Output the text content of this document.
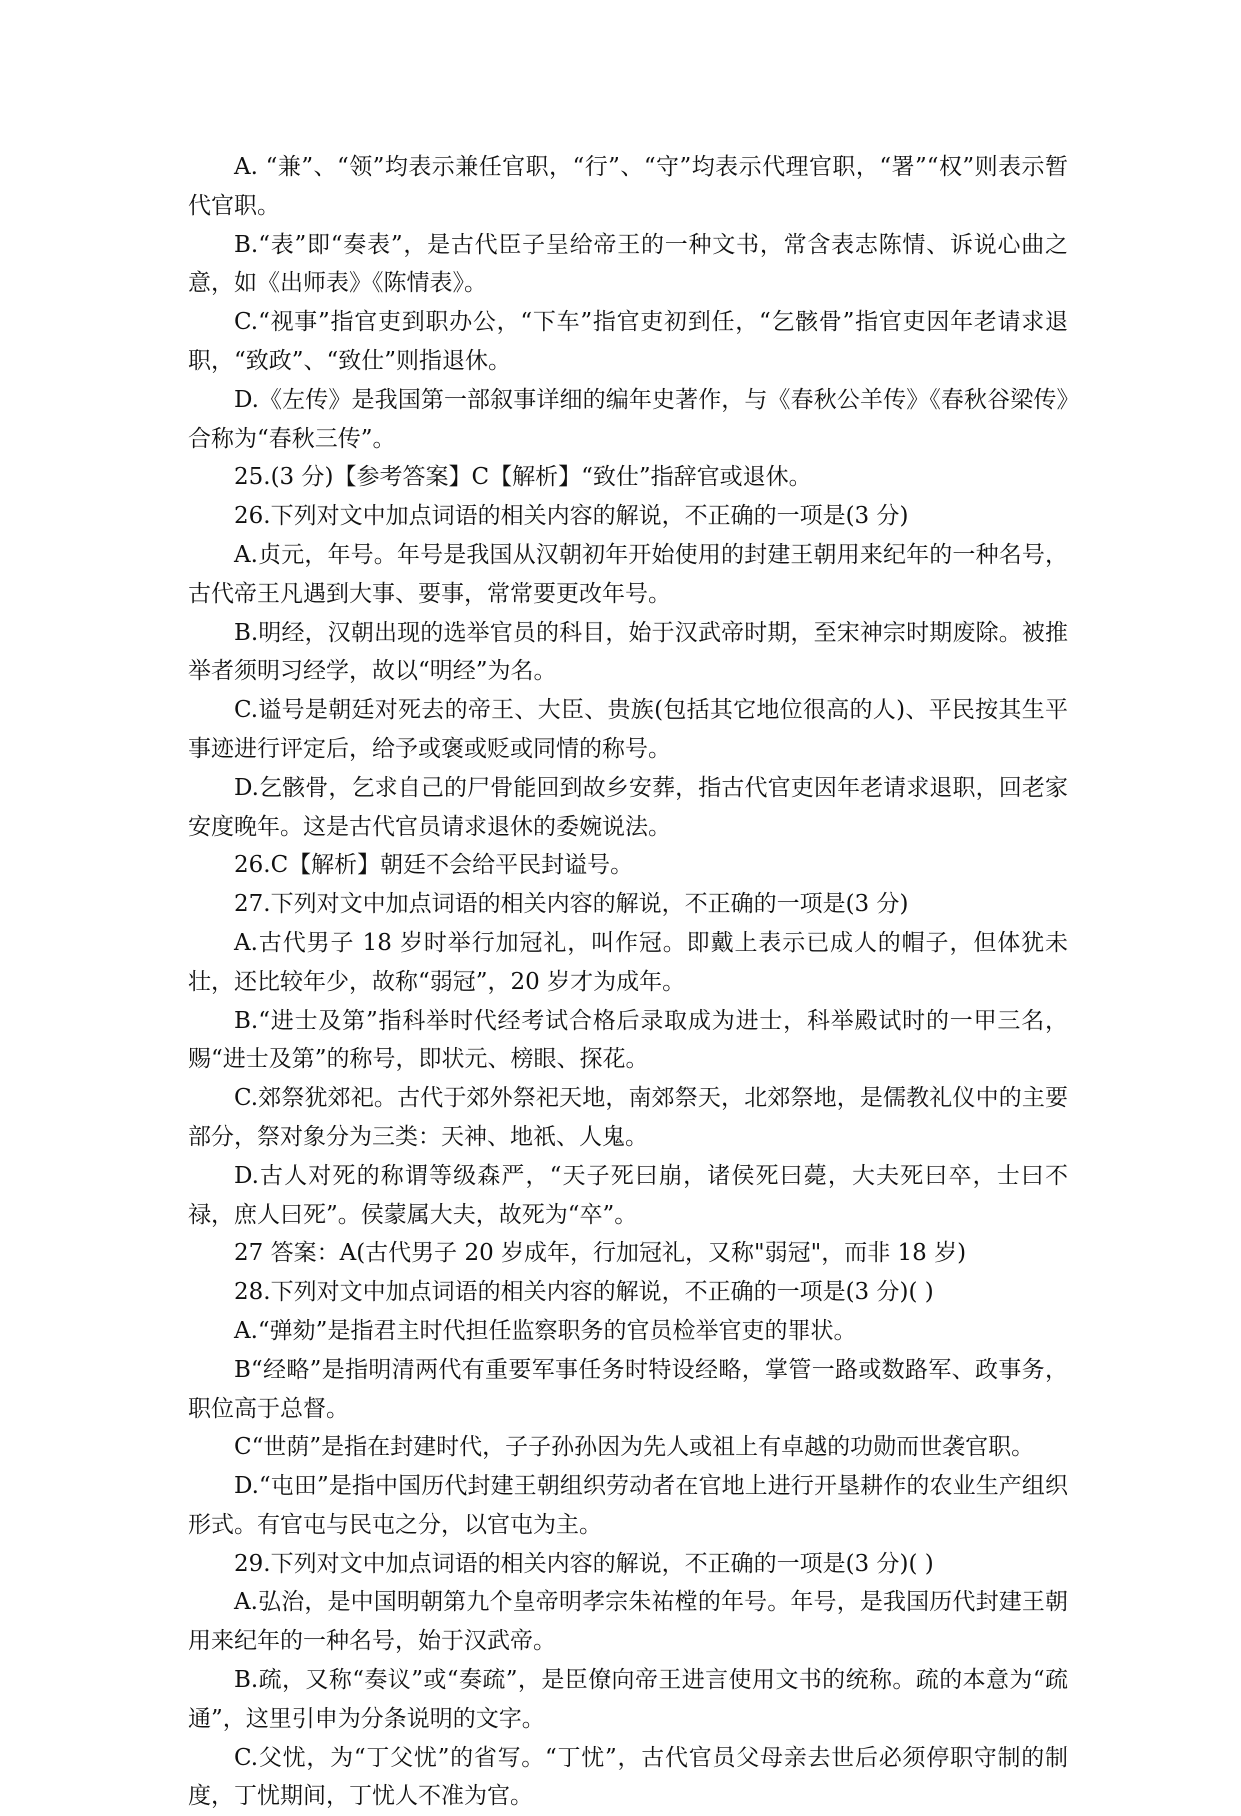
A. “兼”、“领”均表示兼任官职，“行”、“守”均表示代理官职，“署”“权”则表示暂代官职。

B.“表”即“奏表”，是古代臣子呈给帝王的一种文书，常含表志陈情、诉说心曲之意，如《出师表》《陈情表》。

C.“视事”指官吏到职办公，“下车”指官吏初到任，“乞骸骨”指官吏因年老请求退职，“致政”、“致仕”则指退休。

D.《左传》是我国第一部叙事详细的编年史著作，与《春秋公羊传》《春秋谷梁传》合称为“春秋三传”。

25.(3 分)【参考答案】C【解析】“致仕”指辞官或退休。

26.下列对文中加点词语的相关内容的解说，不正确的一项是(3 分)

A.贞元，年号。年号是我国从汉朝初年开始使用的封建王朝用来纪年的一种名号，古代帝王凡遇到大事、要事，常常要更改年号。

B.明经，汉朝出现的选举官员的科目，始于汉武帝时期，至宋神宗时期废除。被推举者须明习经学，故以“明经”为名。

C.谥号是朝廷对死去的帝王、大臣、贵族(包括其它地位很高的人)、平民按其生平事迹进行评定后，给予或褒或贬或同情的称号。

D.乞骸骨，乞求自己的尸骨能回到故乡安葬，指古代官吏因年老请求退职，回老家安度晚年。这是古代官员请求退休的委婉说法。

26.C【解析】朝廷不会给平民封谥号。

27.下列对文中加点词语的相关内容的解说，不正确的一项是(3 分)

A.古代男子 18 岁时举行加冠礼，叫作冠。即戴上表示已成人的帽子，但体犹未壮，还比较年少，故称“弱冠”，20 岁才为成年。

B.“进士及第”指科举时代经考试合格后录取成为进士，科举殿试时的一甲三名，赐“进士及第”的称号，即状元、榜眼、探花。

C.郊祭犹郊祀。古代于郊外祭祀天地，南郊祭天，北郊祭地，是儒教礼仪中的主要部分，祭对象分为三类：天神、地祇、人鬼。

D.古人对死的称谓等级森严，“天子死曰崩，诸侯死曰薨，大夫死曰卒，士曰不禄，庶人曰死”。侯蒙属大夫，故死为“卒”。

27 答案：A(古代男子 20 岁成年，行加冠礼，又称"弱冠"，而非 18 岁)

28.下列对文中加点词语的相关内容的解说，不正确的一项是(3 分)( )

A.“弹劾”是指君主时代担任监察职务的官员检举官吏的罪状。

B“经略”是指明清两代有重要军事任务时特设经略，掌管一路或数路军、政事务，职位高于总督。

C“世荫”是指在封建时代，子子孙孙因为先人或祖上有卓越的功勋而世袭官职。

D.“屯田”是指中国历代封建王朝组织劳动者在官地上进行开垦耕作的农业生产组织形式。有官屯与民屯之分，以官屯为主。

29.下列对文中加点词语的相关内容的解说，不正确的一项是(3 分)( )

A.弘治，是中国明朝第九个皇帝明孝宗朱祐樘的年号。年号，是我国历代封建王朝用来纪年的一种名号，始于汉武帝。

B.疏，又称“奏议”或“奏疏”，是臣僚向帝王进言使用文书的统称。疏的本意为“疏通”，这里引申为分条说明的文字。

C.父忧，为“丁父忧”的省写。“丁忧”，古代官员父母亲去世后必须停职守制的制度，丁忧期间，丁忧人不准为官。
